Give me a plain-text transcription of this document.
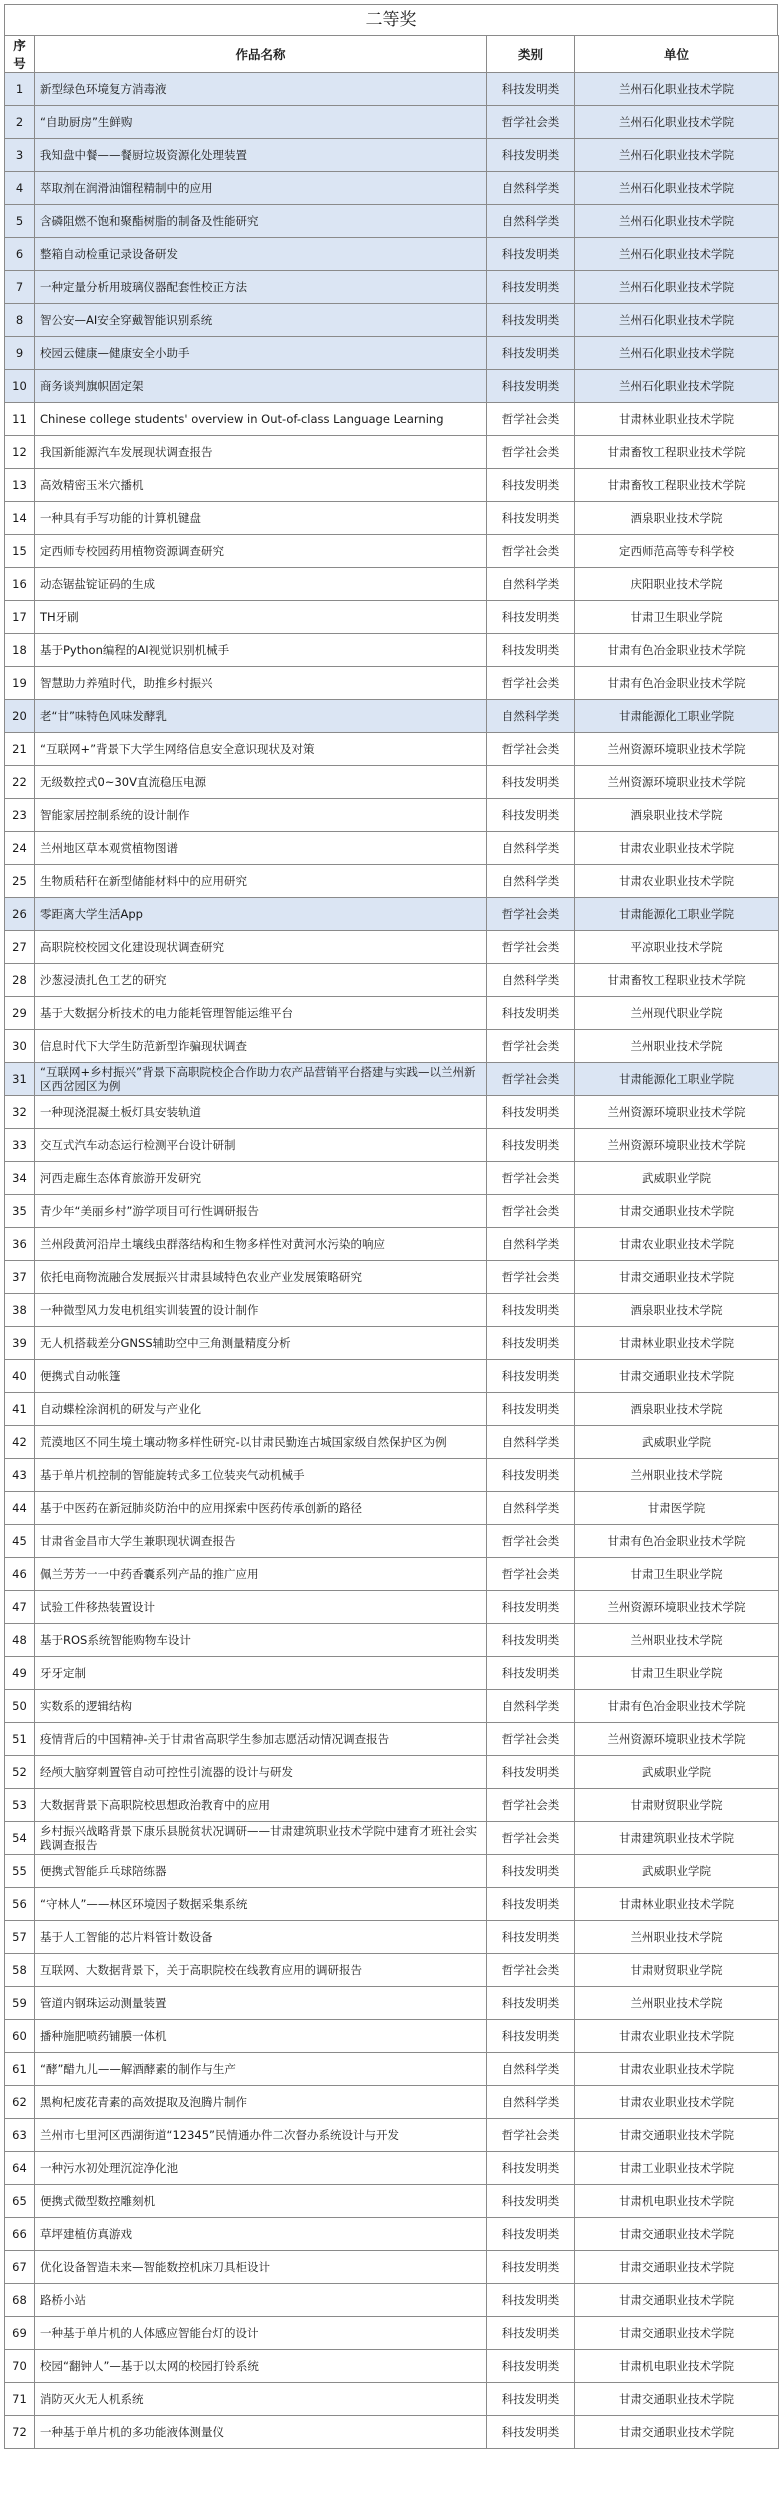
二等奖
序号	作品名称	类别	单位
1	新型绿色环境复方消毒液	科技发明类	兰州石化职业技术学院
2	“自助厨房”生鲜购	哲学社会类	兰州石化职业技术学院
3	我知盘中餐——餐厨垃圾资源化处理装置	科技发明类	兰州石化职业技术学院
4	萃取剂在润滑油馏程精制中的应用	自然科学类	兰州石化职业技术学院
5	含磷阻燃不饱和聚酯树脂的制备及性能研究	自然科学类	兰州石化职业技术学院
6	整箱自动检重记录设备研发	科技发明类	兰州石化职业技术学院
7	一种定量分析用玻璃仪器配套性校正方法	科技发明类	兰州石化职业技术学院
8	智公安—AI安全穿戴智能识别系统	科技发明类	兰州石化职业技术学院
9	校园云健康—健康安全小助手	科技发明类	兰州石化职业技术学院
10	商务谈判旗帜固定架	科技发明类	兰州石化职业技术学院
11	Chinese college students' overview in Out-of-class Language Learning	哲学社会类	甘肃林业职业技术学院
12	我国新能源汽车发展现状调查报告	哲学社会类	甘肃畜牧工程职业技术学院
13	高效精密玉米穴播机	科技发明类	甘肃畜牧工程职业技术学院
14	一种具有手写功能的计算机键盘	科技发明类	酒泉职业技术学院
15	定西师专校园药用植物资源调查研究	哲学社会类	定西师范高等专科学校
16	动态锯盐锭证码的生成	自然科学类	庆阳职业技术学院
17	TH牙刷	科技发明类	甘肃卫生职业学院
18	基于Python编程的AI视觉识别机械手	科技发明类	甘肃有色冶金职业技术学院
19	智慧助力养殖时代，助推乡村振兴	哲学社会类	甘肃有色冶金职业技术学院
20	老“甘”味特色风味发酵乳	自然科学类	甘肃能源化工职业学院
21	“互联网+”背景下大学生网络信息安全意识现状及对策	哲学社会类	兰州资源环境职业技术学院
22	无级数控式0~30V直流稳压电源	科技发明类	兰州资源环境职业技术学院
23	智能家居控制系统的设计制作	科技发明类	酒泉职业技术学院
24	兰州地区草本观赏植物图谱	自然科学类	甘肃农业职业技术学院
25	生物质秸秆在新型储能材料中的应用研究	自然科学类	甘肃农业职业技术学院
26	零距离大学生活App	哲学社会类	甘肃能源化工职业学院
27	高职院校校园文化建设现状调查研究	哲学社会类	平凉职业技术学院
28	沙葱浸渍扎色工艺的研究	自然科学类	甘肃畜牧工程职业技术学院
29	基于大数据分析技术的电力能耗管理智能运维平台	科技发明类	兰州现代职业学院
30	信息时代下大学生防范新型诈骗现状调查	哲学社会类	兰州职业技术学院
31	“互联网+乡村振兴”背景下高职院校企合作助力农产品营销平台搭建与实践—以兰州新区西岔园区为例	哲学社会类	甘肃能源化工职业学院
32	一种现浇混凝土板灯具安装轨道	科技发明类	兰州资源环境职业技术学院
33	交互式汽车动态运行检测平台设计研制	科技发明类	兰州资源环境职业技术学院
34	河西走廊生态体育旅游开发研究	哲学社会类	武威职业学院
35	青少年“美丽乡村”游学项目可行性调研报告	哲学社会类	甘肃交通职业技术学院
36	兰州段黄河沿岸土壤线虫群落结构和生物多样性对黄河水污染的响应	自然科学类	甘肃农业职业技术学院
37	依托电商物流融合发展振兴甘肃县域特色农业产业发展策略研究	哲学社会类	甘肃交通职业技术学院
38	一种微型风力发电机组实训装置的设计制作	科技发明类	酒泉职业技术学院
39	无人机搭载差分GNSS辅助空中三角测量精度分析	科技发明类	甘肃林业职业技术学院
40	便携式自动帐篷	科技发明类	甘肃交通职业技术学院
41	自动蝶栓涂润机的研发与产业化	科技发明类	酒泉职业技术学院
42	荒漠地区不同生境土壤动物多样性研究-以甘肃民勤连古城国家级自然保护区为例	自然科学类	武威职业学院
43	基于单片机控制的智能旋转式多工位装夹气动机械手	科技发明类	兰州职业技术学院
44	基于中医药在新冠肺炎防治中的应用探索中医药传承创新的路径	自然科学类	甘肃医学院
45	甘肃省金昌市大学生兼职现状调查报告	哲学社会类	甘肃有色冶金职业技术学院
46	佩兰芳芳一一中药香囊系列产品的推广应用	哲学社会类	甘肃卫生职业学院
47	试验工件移热装置设计	科技发明类	兰州资源环境职业技术学院
48	基于ROS系统智能购物车设计	科技发明类	兰州职业技术学院
49	牙牙定制	科技发明类	甘肃卫生职业学院
50	实数系的逻辑结构	自然科学类	甘肃有色冶金职业技术学院
51	疫情背后的中国精神-关于甘肃省高职学生参加志愿活动情况调查报告	哲学社会类	兰州资源环境职业技术学院
52	经颅大脑穿刺置管自动可控性引流器的设计与研发	科技发明类	武威职业学院
53	大数据背景下高职院校思想政治教育中的应用	哲学社会类	甘肃财贸职业学院
54	乡村振兴战略背景下康乐县脱贫状况调研——甘肃建筑职业技术学院中建育才班社会实践调查报告	哲学社会类	甘肃建筑职业技术学院
55	便携式智能乒乓球陪练器	科技发明类	武威职业学院
56	“守林人”——林区环境因子数据采集系统	科技发明类	甘肃林业职业技术学院
57	基于人工智能的芯片料管计数设备	科技发明类	兰州职业技术学院
58	互联网、大数据背景下，关于高职院校在线教育应用的调研报告	哲学社会类	甘肃财贸职业学院
59	管道内钢珠运动测量装置	科技发明类	兰州职业技术学院
60	播种施肥喷药铺膜一体机	科技发明类	甘肃农业职业技术学院
61	“酵”醋九儿——解酒酵素的制作与生产	自然科学类	甘肃农业职业技术学院
62	黑枸杞废花青素的高效提取及泡腾片制作	自然科学类	甘肃农业职业技术学院
63	兰州市七里河区西湖街道“12345”民情通办件二次督办系统设计与开发	哲学社会类	甘肃交通职业技术学院
64	一种污水初处理沉淀净化池	科技发明类	甘肃工业职业技术学院
65	便携式微型数控雕刻机	科技发明类	甘肃机电职业技术学院
66	草坪建植仿真游戏	科技发明类	甘肃交通职业技术学院
67	优化设备智造未来—智能数控机床刀具柜设计	科技发明类	甘肃交通职业技术学院
68	路桥小站	科技发明类	甘肃交通职业技术学院
69	一种基于单片机的人体感应智能台灯的设计	科技发明类	甘肃交通职业技术学院
70	校园“翻钟人”—基于以太网的校园打铃系统	科技发明类	甘肃机电职业技术学院
71	消防灭火无人机系统	科技发明类	甘肃交通职业技术学院
72	一种基于单片机的多功能液体测量仪	科技发明类	甘肃交通职业技术学院
